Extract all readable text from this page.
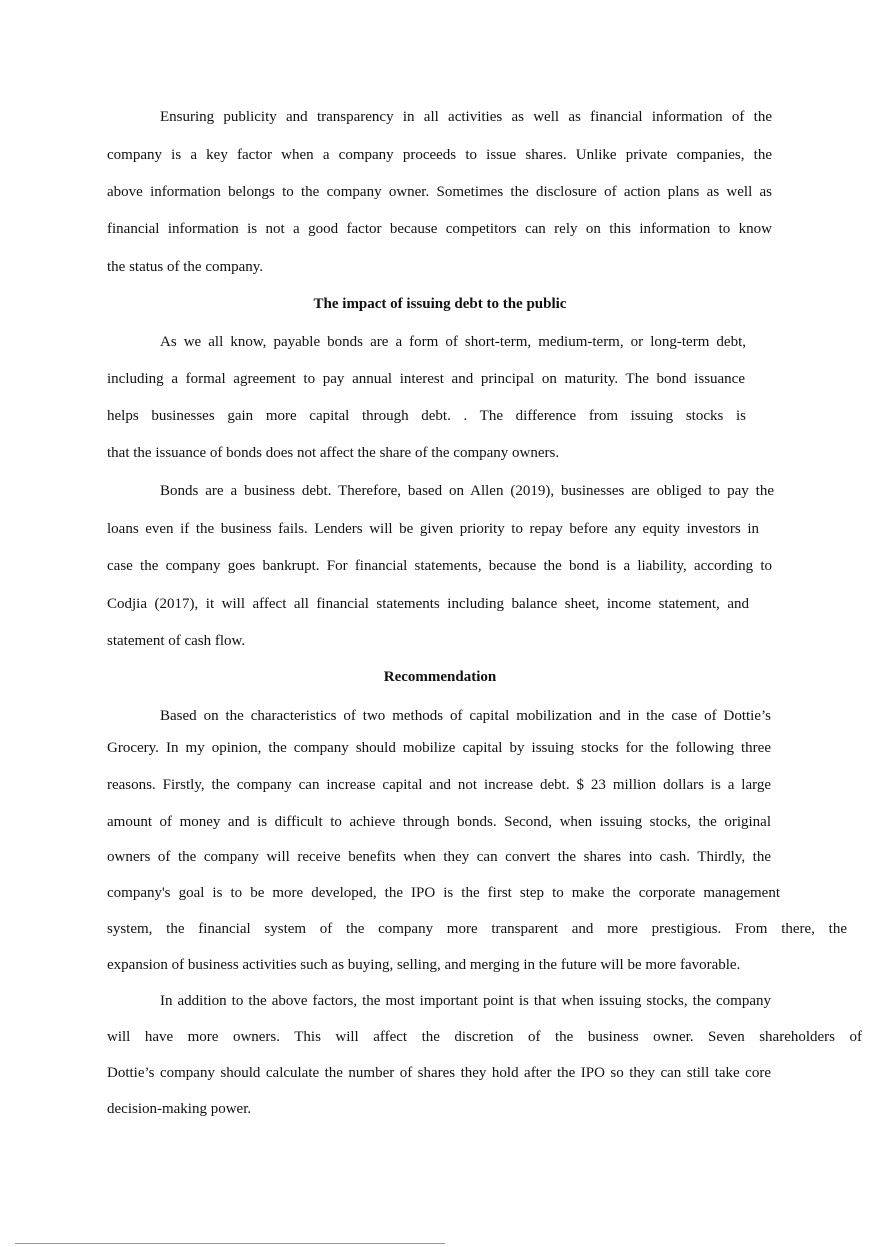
Ensuring publicity and transparency in all activities as well as financial information of the
company is a key factor when a company proceeds to issue shares. Unlike private companies, the
above information belongs to the company owner. Sometimes the disclosure of action plans as well as
financial information is not a good factor because competitors can rely on this information to know
the status of the company.
The impact of issuing debt to the public
As we all know, payable bonds are a form of short-term, medium-term, or long-term debt,
including a formal agreement to pay annual interest and principal on maturity. The bond issuance
helps businesses gain more capital through debt. . The difference from issuing stocks is
that the issuance of bonds does not affect the share of the company owners.
Bonds are a business debt. Therefore, based on Allen (2019), businesses are obliged to pay the
loans even if the business fails. Lenders will be given priority to repay before any equity investors in
case the company goes bankrupt. For financial statements, because the bond is a liability, according to
Codjia (2017), it will affect all financial statements including balance sheet, income statement, and
statement of cash flow.
Recommendation
Based on the characteristics of two methods of capital mobilization and in the case of Dottie’s
Grocery. In my opinion, the company should mobilize capital by issuing stocks for the following three
reasons. Firstly, the company can increase capital and not increase debt. $ 23 million dollars is a large
amount of money and is difficult to achieve through bonds. Second, when issuing stocks, the original
owners of the company will receive benefits when they can convert the shares into cash. Thirdly, the
company's goal is to be more developed, the IPO is the first step to make the corporate management
system, the financial system of the company more transparent and more prestigious. From there, the
expansion of business activities such as buying, selling, and merging in the future will be more favorable.
In addition to the above factors, the most important point is that when issuing stocks, the company
will have more owners. This will affect the discretion of the business owner. Seven shareholders of
Dottie’s company should calculate the number of shares they hold after the IPO so they can still take core
decision-making power.
